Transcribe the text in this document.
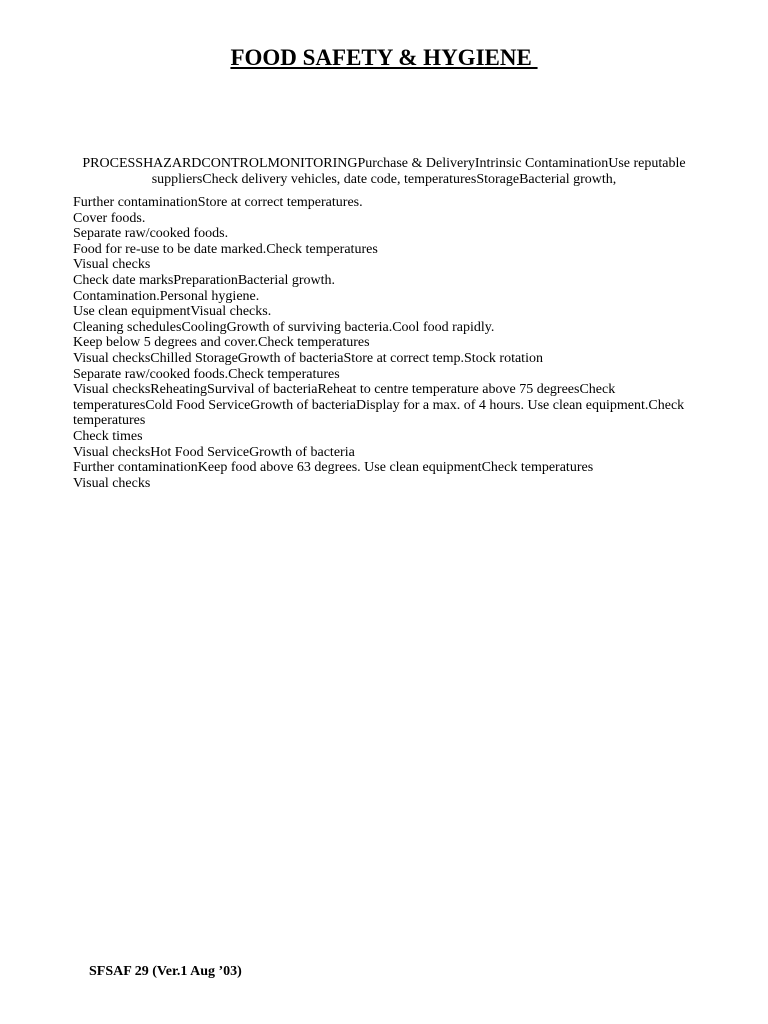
FOOD SAFETY & HYGIENE
PROCESSHAZARDCONTROLMONITORINGPurchase & DeliveryIntrinsic ContaminationUse reputable suppliersCheck delivery vehicles, date code, temperaturesStorageBacterial growth,
Further contaminationStore at correct temperatures.
Cover foods.
Separate raw/cooked foods.
Food for re-use to be date marked.Check temperatures
Visual checks
Check date marksPreparationBacterial growth.
Contamination.Personal hygiene.
Use clean equipmentVisual checks.
Cleaning schedulesCoolingGrowth of surviving bacteria.Cool food rapidly.
Keep below 5 degrees and cover.Check temperatures
Visual checksChilled StorageGrowth of bacteriaStore at correct temp.Stock rotation
Separate raw/cooked foods.Check temperatures
Visual checksReheatingSurvival of bacteriaReheat to centre temperature above 75 degreesCheck temperaturesCold Food ServiceGrowth of bacteriaDisplay for a max. of 4 hours. Use clean equipment.Check temperatures
Check times
Visual checksHot Food ServiceGrowth of bacteria
Further contaminationKeep food above 63 degrees. Use clean equipmentCheck temperatures
Visual checks
SFSAF 29 (Ver.1 Aug ’03)
